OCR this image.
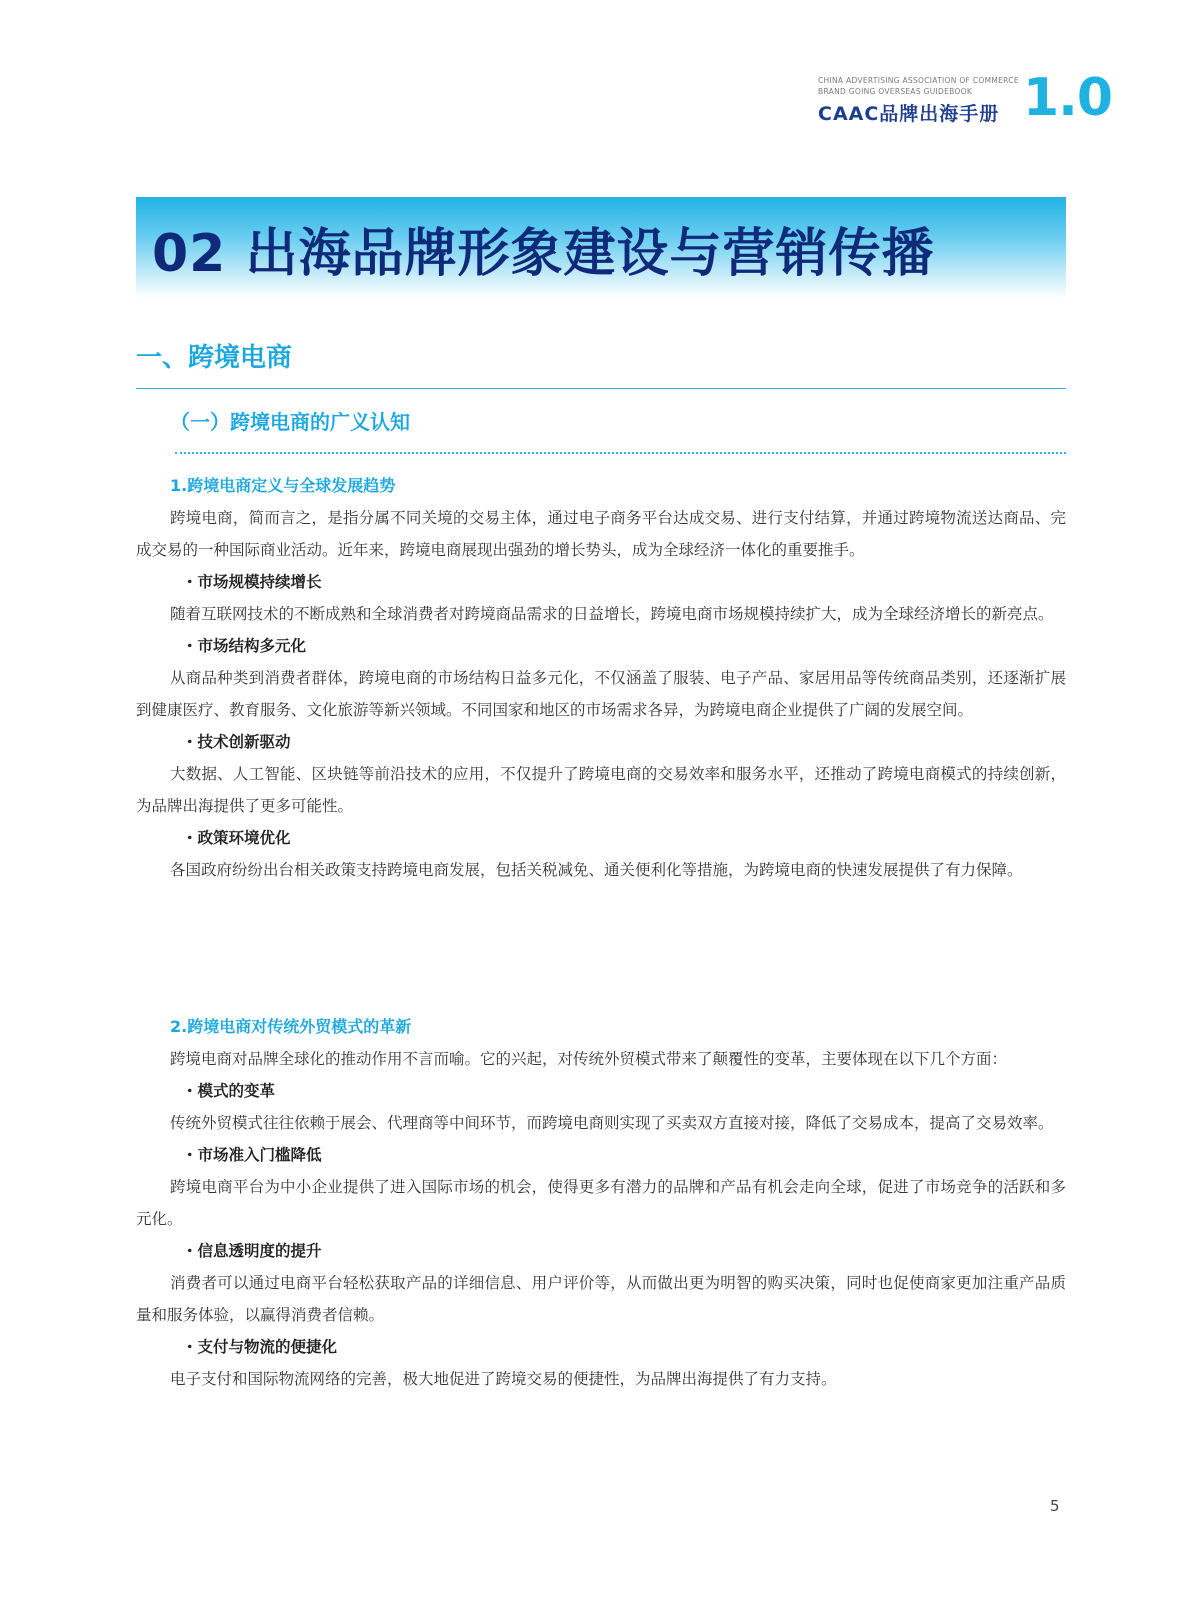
CHINA ADVERTISING ASSOCIATION OF COMMERCE
BRAND GOING OVERSEAS GUIDEBOOK
CAAC品牌出海手册 1.0
02 出海品牌形象建设与营销传播
一、跨境电商
（一）跨境电商的广义认知
1.跨境电商定义与全球发展趋势

跨境电商，简而言之，是指分属不同关境的交易主体，通过电子商务平台达成交易、进行支付结算，并通过跨境物流送达商品、完成交易的一种国际商业活动。近年来，跨境电商展现出强劲的增长势头，成为全球经济一体化的重要推手。

・市场规模持续增长

随着互联网技术的不断成熟和全球消费者对跨境商品需求的日益增长，跨境电商市场规模持续扩大，成为全球经济增长的新亮点。

・市场结构多元化

从商品种类到消费者群体，跨境电商的市场结构日益多元化，不仅涵盖了服装、电子产品、家居用品等传统商品类别，还逐渐扩展到健康医疗、教育服务、文化旅游等新兴领域。不同国家和地区的市场需求各异，为跨境电商企业提供了广阔的发展空间。

・技术创新驱动

大数据、人工智能、区块链等前沿技术的应用，不仅提升了跨境电商的交易效率和服务水平，还推动了跨境电商模式的持续创新，为品牌出海提供了更多可能性。

・政策环境优化

各国政府纷纷出台相关政策支持跨境电商发展，包括关税减免、通关便利化等措施，为跨境电商的快速发展提供了有力保障。

2.跨境电商对传统外贸模式的革新

跨境电商对品牌全球化的推动作用不言而喻。它的兴起，对传统外贸模式带来了颠覆性的变革，主要体现在以下几个方面：

・模式的变革

传统外贸模式往往依赖于展会、代理商等中间环节，而跨境电商则实现了买卖双方直接对接，降低了交易成本，提高了交易效率。

・市场准入门槛降低

跨境电商平台为中小企业提供了进入国际市场的机会，使得更多有潜力的品牌和产品有机会走向全球，促进了市场竞争的活跃和多元化。

・信息透明度的提升

消费者可以通过电商平台轻松获取产品的详细信息、用户评价等，从而做出更为明智的购买决策，同时也促使商家更加注重产品质量和服务体验，以赢得消费者信赖。

・支付与物流的便捷化

电子支付和国际物流网络的完善，极大地促进了跨境交易的便捷性，为品牌出海提供了有力支持。

5
